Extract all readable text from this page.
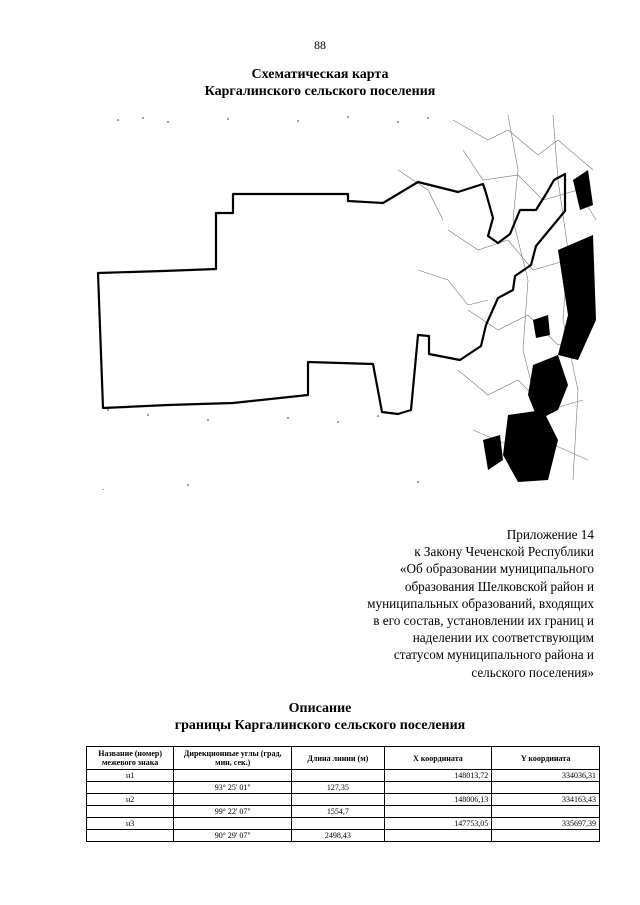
88
Схематическая карта
Каргалинского сельского поселения
Приложение 14
к Закону Чеченской Республики
«Об образовании муниципального
образования Шелковской район и
муниципальных образований, входящих
в его состав, установлении их границ и
наделении их соответствующим
статусом муниципального района и
сельского поселения»
Описание
границы Каргалинского сельского поселения
Название (номер) межевого знака	Дирекционные углы (град, мин, сек.)	Длина линии (м)	X координата	Y координата
н1			148013,72	334036,31
	93° 25' 01"	127,35		
н2			148006,13	334163,43
	99° 22' 07"	1554,7		
н3			147753,05	335697,39
	90° 29' 07"	2498,43		
